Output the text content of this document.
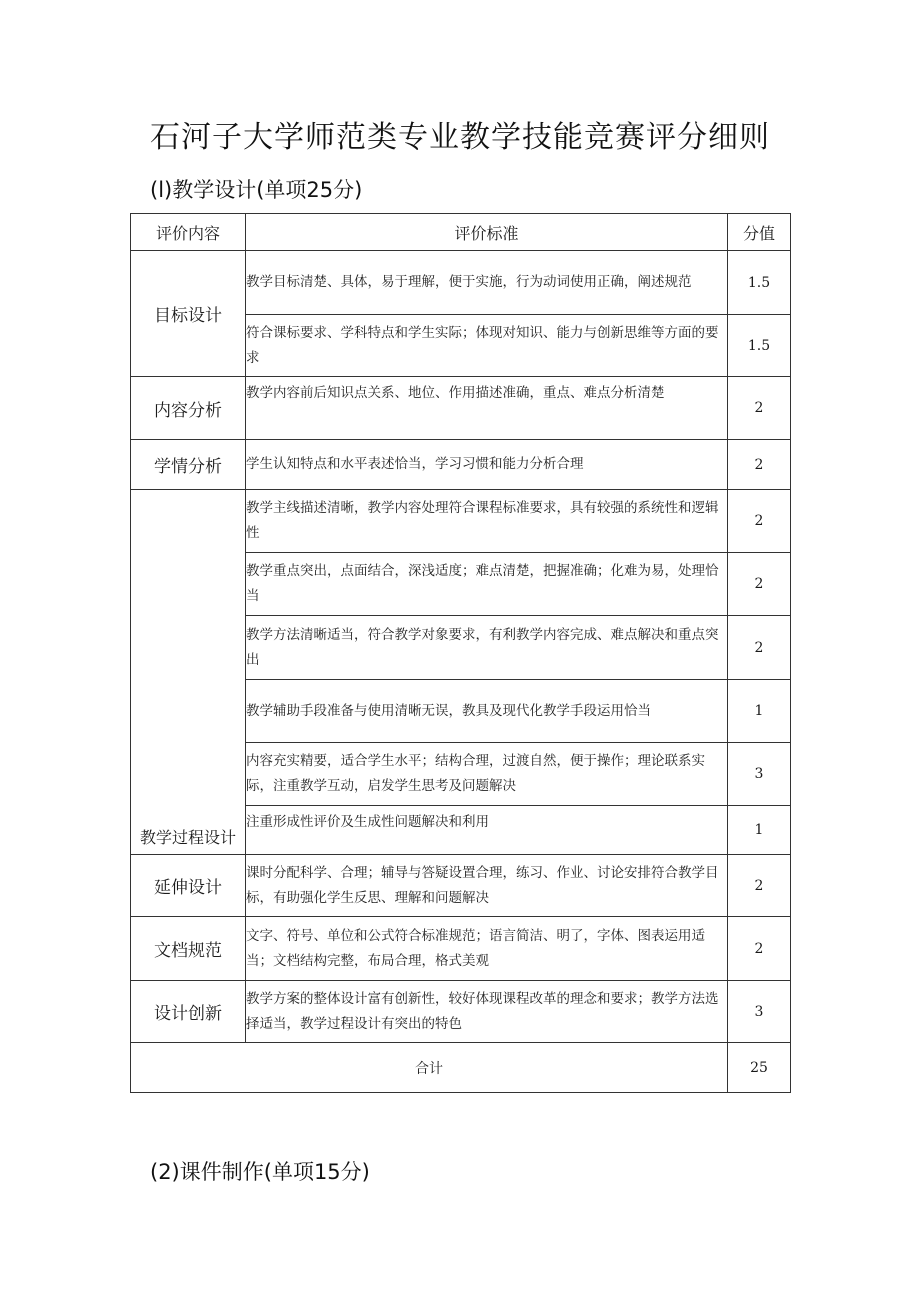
石河子大学师范类专业教学技能竞赛评分细则
(l)教学设计(单项25分)
评价内容	评价标准	分值
目标设计	教学目标清楚、具体，易于理解，便于实施，行为动词使用正确，阐述规范	1.5
	符合课标要求、学科特点和学生实际；体现对知识、能力与创新思维等方面的要求	1.5
内容分析	教学内容前后知识点关系、地位、作用描述准确，重点、难点分析清楚	2
学情分析	学生认知特点和水平表述恰当，学习习惯和能力分析合理	2
教学过程设计	教学主线描述清晰，教学内容处理符合课程标准要求，具有较强的系统性和逻辑性	2
	教学重点突出，点面结合，深浅适度；难点清楚，把握准确；化难为易，处理恰当	2
	教学方法清晰适当，符合教学对象要求，有利教学内容完成、难点解决和重点突出	2
	教学辅助手段准备与使用清晰无误，教具及现代化教学手段运用恰当	1
	内容充实精要，适合学生水平；结构合理，过渡自然，便于操作；理论联系实际，注重教学互动，启发学生思考及问题解决	3
	注重形成性评价及生成性问题解决和利用	1
延伸设计	课时分配科学、合理；辅导与答疑设置合理，练习、作业、讨论安排符合教学目标，有助强化学生反思、理解和问题解决	2
文档规范	文字、符号、单位和公式符合标准规范；语言简洁、明了，字体、图表运用适当；文档结构完整，布局合理，格式美观	2
设计创新	教学方案的整体设计富有创新性，较好体现课程改革的理念和要求；教学方法选择适当，教学过程设计有突出的特色	3
合计		25
(2)课件制作(单项15分)
